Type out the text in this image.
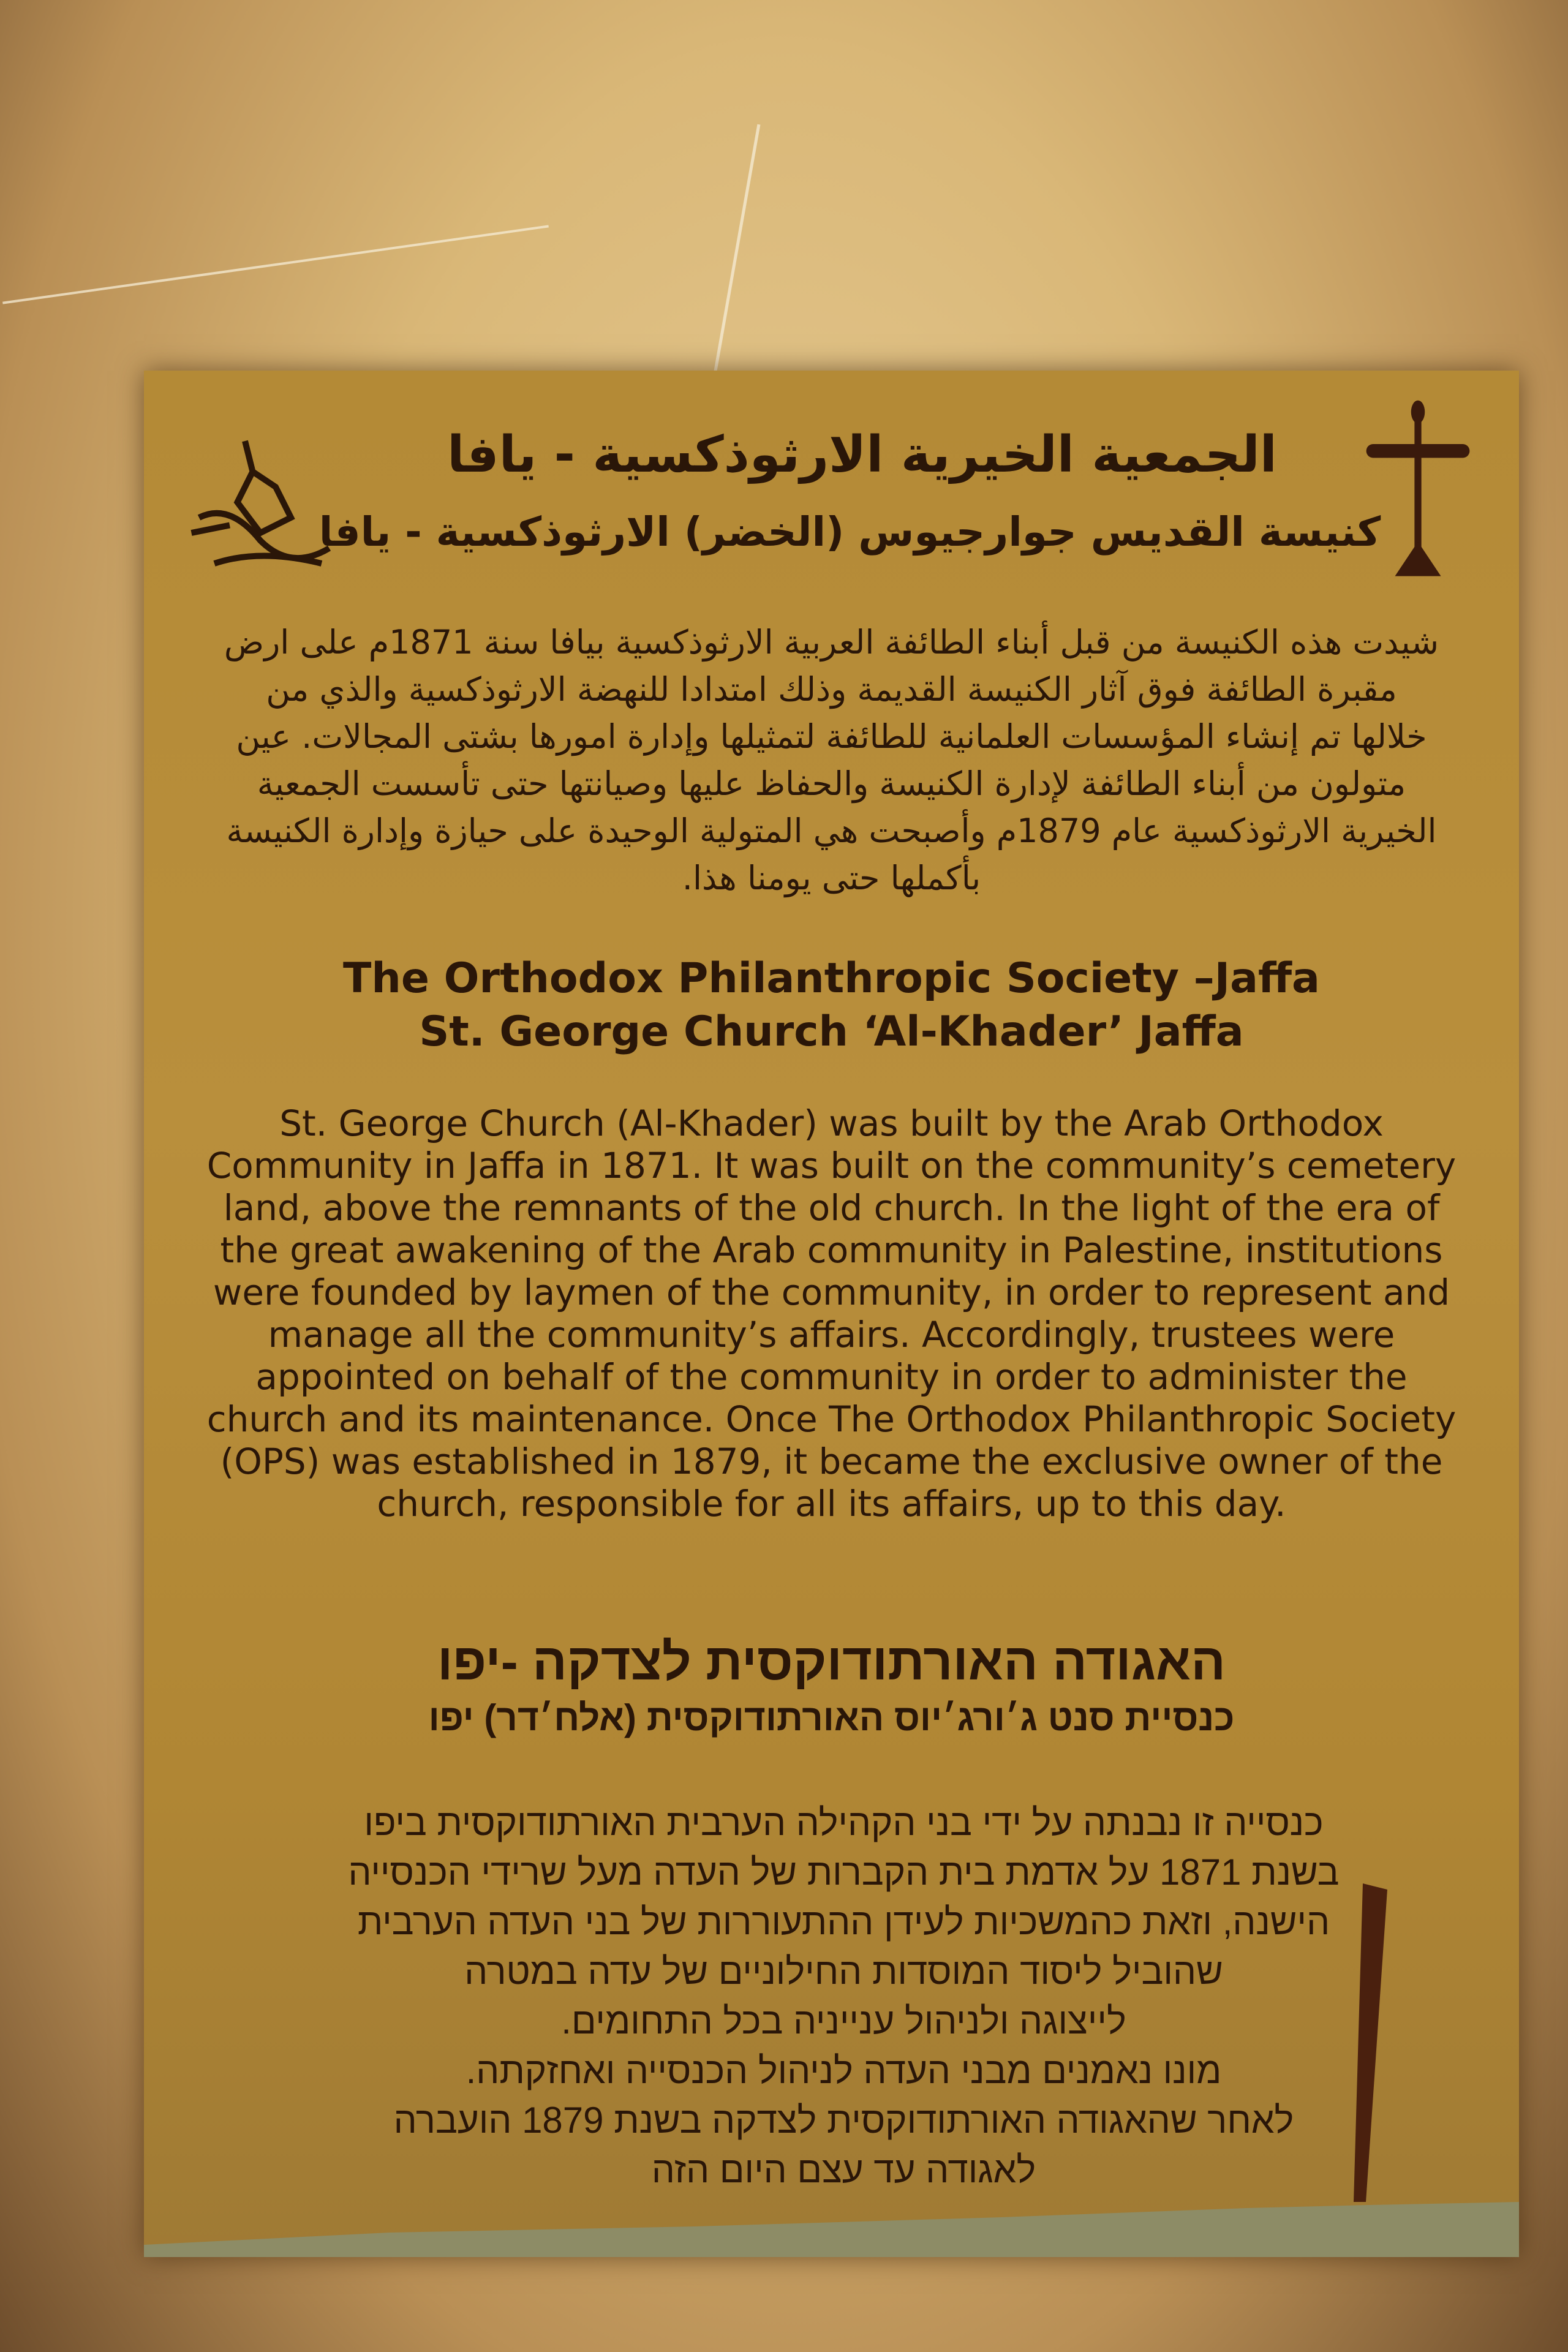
الجمعية الخيرية الارثوذكسية - يافا
كنيسة القديس جوارجيوس (الخضر) الارثوذكسية - يافا
شيدت هذه الكنيسة من قبل أبناء الطائفة العربية الارثوذكسية بيافا سنة 1871م على ارض مقبرة الطائفة فوق آثار الكنيسة القديمة وذلك امتدادا للنهضة الارثوذكسية والذي من خلالها تم إنشاء المؤسسات العلمانية للطائفة لتمثيلها وإدارة امورها بشتى المجالات. عين متولون من أبناء الطائفة لإدارة الكنيسة والحفاظ عليها وصيانتها حتى تأسست الجمعية الخيرية الارثوذكسية عام 1879م وأصبحت هي المتولية الوحيدة على حيازة وإدارة الكنيسة بأكملها حتى يومنا هذا.
The Orthodox Philanthropic Society –Jaffa
St. George Church ‘Al-Khader’ Jaffa
St. George Church (Al-Khader) was built by the Arab Orthodox Community in Jaffa in 1871. It was built on the community’s cemetery land, above the remnants of the old church. In the light of the era of the great awakening of the Arab community in Palestine, institutions were founded by laymen of the community, in order to represent and manage all the community’s affairs. Accordingly, trustees were appointed on behalf of the community in order to administer the church and its maintenance. Once The Orthodox Philanthropic Society (OPS) was established in 1879, it became the exclusive owner of the church, responsible for all its affairs, up to this day.
האגודה האורתודוקסית לצדקה -יפו
כנסיית סנט ג׳ורג׳יוס האורתודוקסית (אלח׳דר) יפו

כנסייה זו נבנתה על ידי בני הקהילה הערבית האורתודוקסית ביפו

בשנת 1871 על אדמת בית הקברות של העדה מעל שרידי הכנסייה

הישנה, וזאת כהמשכיות לעידן ההתעוררות של בני העדה הערבית

שהוביל ליסוד המוסדות החילוניים של עדה במטרה

לייצוגה ולניהול ענייניה בכל התחומים.

מונו נאמנים מבני העדה לניהול הכנסייה ואחזקתה.

לאחר שהאגודה האורתודוקסית לצדקה בשנת 1879 הועברה

לאגודה עד עצם היום הזה
